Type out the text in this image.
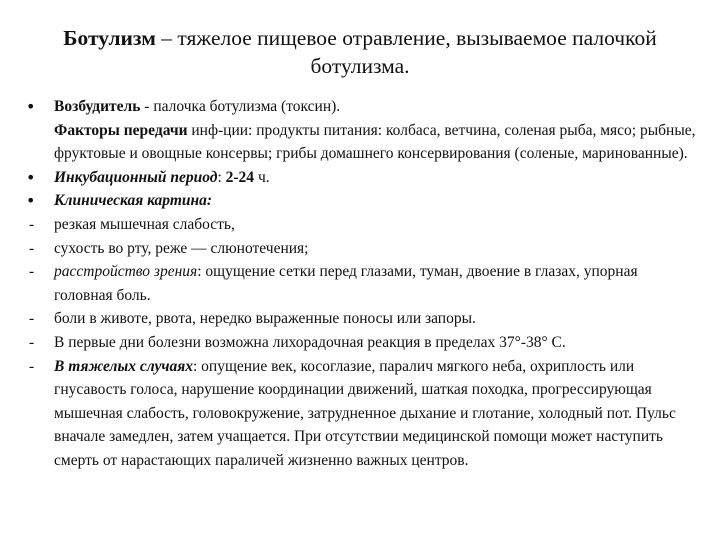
Ботулизм – тяжелое пищевое отравление, вызываемое палочкой ботулизма.
•	Возбудитель - палочка ботулизма (токсин).
Факторы передачи инф-ции: продукты питания: колбаса, ветчина, соленая рыба, мясо; рыбные, фруктовые и овощные консервы; грибы домашнего консервирования (соленые, маринованные).
•	Инкубационный период: 2-24 ч.
•	Клиническая картина:
-	резкая мышечная слабость,
-	сухость во рту, реже — слюнотечения;
-	расстройство зрения: ощущение сетки перед глазами, туман, двоение в глазах, упорная головная боль.
-	боли в животе, рвота, нередко выраженные поносы или запоры.
-	В первые дни болезни возможна лихорадочная реакция в пределах 37°-38° С.
-	В тяжелых случаях: опущение век, косоглазие, паралич мягкого неба, охриплость или гнусавость голоса, нарушение координации движений, шаткая походка, прогрессирующая мышечная слабость, головокружение, затрудненное дыхание и глотание, холодный пот. Пульс вначале замедлен, затем учащается. При отсутствии медицинской помощи может наступить смерть от нарастающих параличей жизненно важных центров.
